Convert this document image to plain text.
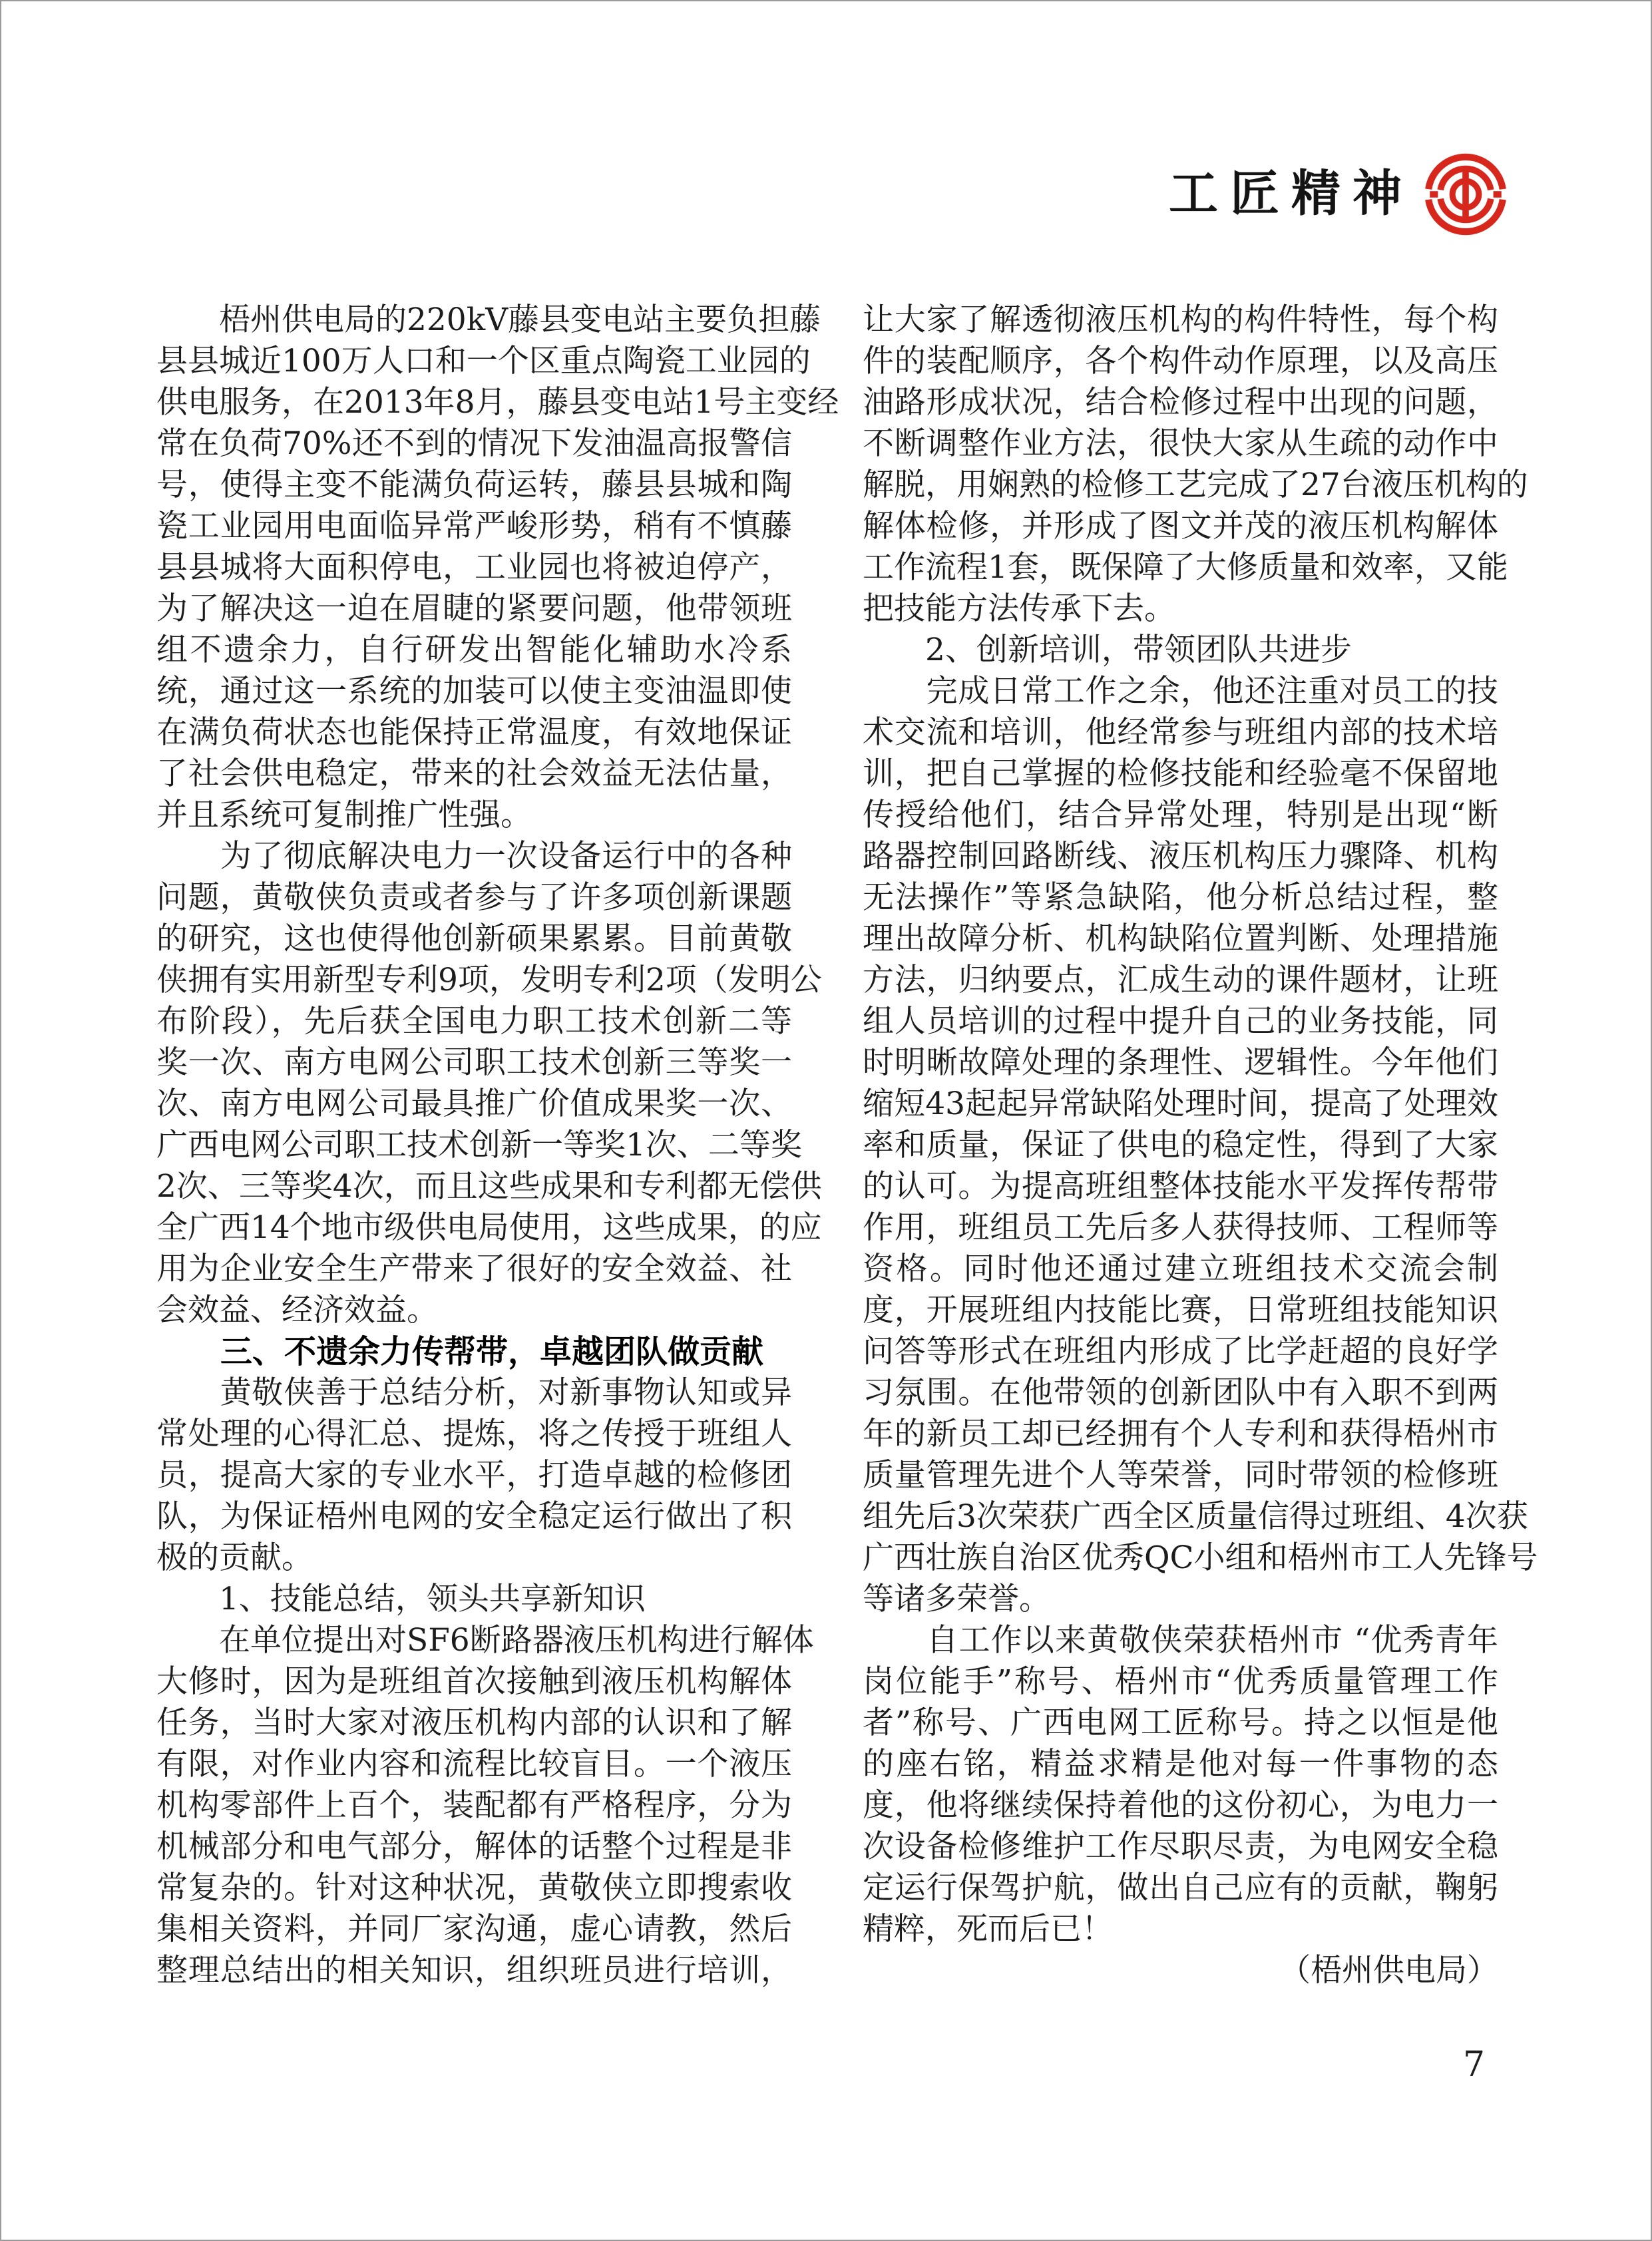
工匠精神
　　梧州供电局的220kV藤县变电站主要负担藤
县县城近100万人口和一个区重点陶瓷工业园的
供电服务，在2013年8月，藤县变电站1号主变经
常在负荷70%还不到的情况下发油温高报警信
号，使得主变不能满负荷运转，藤县县城和陶
瓷工业园用电面临异常严峻形势，稍有不慎藤
县县城将大面积停电，工业园也将被迫停产，
为了解决这一迫在眉睫的紧要问题，他带领班
组不遗余力，自行研发出智能化辅助水冷系
统，通过这一系统的加装可以使主变油温即使
在满负荷状态也能保持正常温度，有效地保证
了社会供电稳定，带来的社会效益无法估量，
并且系统可复制推广性强。
　　为了彻底解决电力一次设备运行中的各种
问题，黄敬侠负责或者参与了许多项创新课题
的研究，这也使得他创新硕果累累。目前黄敬
侠拥有实用新型专利9项，发明专利2项（发明公
布阶段），先后获全国电力职工技术创新二等
奖一次、南方电网公司职工技术创新三等奖一
次、南方电网公司最具推广价值成果奖一次、
广西电网公司职工技术创新一等奖1次、二等奖
2次、三等奖4次，而且这些成果和专利都无偿供
全广西14个地市级供电局使用，这些成果，的应
用为企业安全生产带来了很好的安全效益、社
会效益、经济效益。
　　三、不遗余力传帮带，卓越团队做贡献
　　黄敬侠善于总结分析，对新事物认知或异
常处理的心得汇总、提炼，将之传授于班组人
员，提高大家的专业水平，打造卓越的检修团
队，为保证梧州电网的安全稳定运行做出了积
极的贡献。
　　1、技能总结，领头共享新知识
　　在单位提出对SF6断路器液压机构进行解体
大修时，因为是班组首次接触到液压机构解体
任务，当时大家对液压机构内部的认识和了解
有限，对作业内容和流程比较盲目。一个液压
机构零部件上百个，装配都有严格程序，分为
机械部分和电气部分，解体的话整个过程是非
常复杂的。针对这种状况，黄敬侠立即搜索收
集相关资料，并同厂家沟通，虚心请教，然后
整理总结出的相关知识，组织班员进行培训，
让大家了解透彻液压机构的构件特性，每个构
件的装配顺序，各个构件动作原理，以及高压
油路形成状况，结合检修过程中出现的问题，
不断调整作业方法，很快大家从生疏的动作中
解脱，用娴熟的检修工艺完成了27台液压机构的
解体检修，并形成了图文并茂的液压机构解体
工作流程1套，既保障了大修质量和效率，又能
把技能方法传承下去。
　　2、创新培训，带领团队共进步
　　完成日常工作之余，他还注重对员工的技
术交流和培训，他经常参与班组内部的技术培
训，把自己掌握的检修技能和经验毫不保留地
传授给他们，结合异常处理，特别是出现“断
路器控制回路断线、液压机构压力骤降、机构
无法操作”等紧急缺陷，他分析总结过程，整
理出故障分析、机构缺陷位置判断、处理措施
方法，归纳要点，汇成生动的课件题材，让班
组人员培训的过程中提升自己的业务技能，同
时明晰故障处理的条理性、逻辑性。今年他们
缩短43起起异常缺陷处理时间，提高了处理效
率和质量，保证了供电的稳定性，得到了大家
的认可。为提高班组整体技能水平发挥传帮带
作用，班组员工先后多人获得技师、工程师等
资格。同时他还通过建立班组技术交流会制
度，开展班组内技能比赛，日常班组技能知识
问答等形式在班组内形成了比学赶超的良好学
习氛围。在他带领的创新团队中有入职不到两
年的新员工却已经拥有个人专利和获得梧州市
质量管理先进个人等荣誉，同时带领的检修班
组先后3次荣获广西全区质量信得过班组、4次获
广西壮族自治区优秀QC小组和梧州市工人先锋号
等诸多荣誉。
　　自工作以来黄敬侠荣获梧州市 “优秀青年
岗位能手”称号、梧州市“优秀质量管理工作
者”称号、广西电网工匠称号。持之以恒是他
的座右铭，精益求精是他对每一件事物的态
度，他将继续保持着他的这份初心，为电力一
次设备检修维护工作尽职尽责，为电网安全稳
定运行保驾护航，做出自己应有的贡献，鞠躬
精粹，死而后已！
（梧州供电局）
7
